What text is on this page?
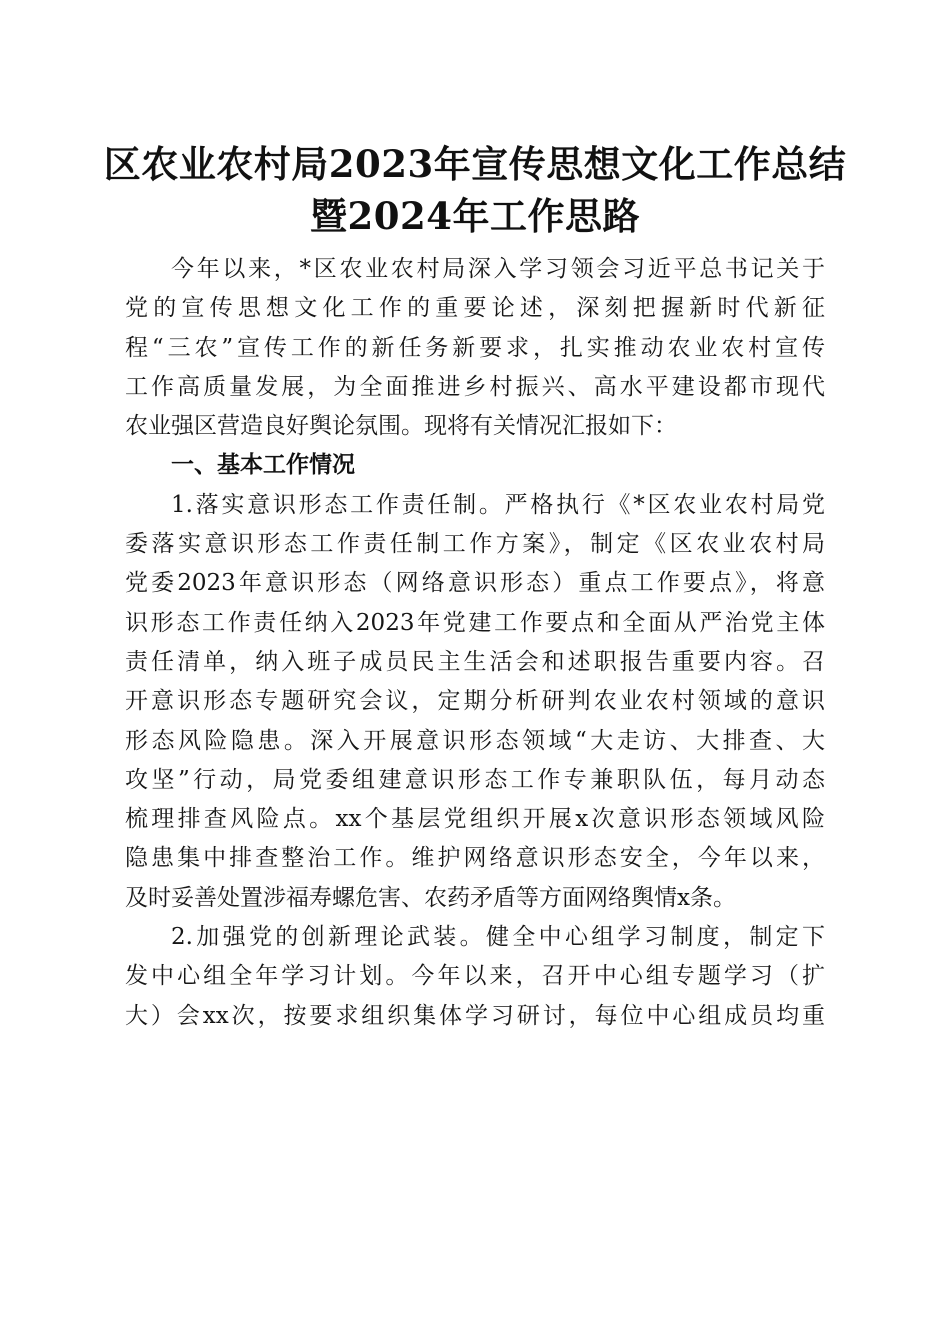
区农业农村局2023年宣传思想文化工作总结
暨2024年工作思路
今年以来，*区农业农村局深入学习领会习近平总书记关于
党的宣传思想文化工作的重要论述，深刻把握新时代新征
程“三农”宣传工作的新任务新要求，扎实推动农业农村宣传
工作高质量发展，为全面推进乡村振兴、高水平建设都市现代
农业强区营造良好舆论氛围。现将有关情况汇报如下：
一、基本工作情况
1.落实意识形态工作责任制。严格执行《*区农业农村局党
委落实意识形态工作责任制工作方案》，制定《区农业农村局
党委2023年意识形态（网络意识形态）重点工作要点》，将意
识形态工作责任纳入2023年党建工作要点和全面从严治党主体
责任清单，纳入班子成员民主生活会和述职报告重要内容。召
开意识形态专题研究会议，定期分析研判农业农村领域的意识
形态风险隐患。深入开展意识形态领域“大走访、大排查、大
攻坚”行动，局党委组建意识形态工作专兼职队伍，每月动态
梳理排查风险点。xx个基层党组织开展x次意识形态领域风险
隐患集中排查整治工作。维护网络意识形态安全，今年以来，
及时妥善处置涉福寿螺危害、农药矛盾等方面网络舆情x条。
2.加强党的创新理论武装。健全中心组学习制度，制定下
发中心组全年学习计划。今年以来，召开中心组专题学习（扩
大）会xx次，按要求组织集体学习研讨，每位中心组成员均重
